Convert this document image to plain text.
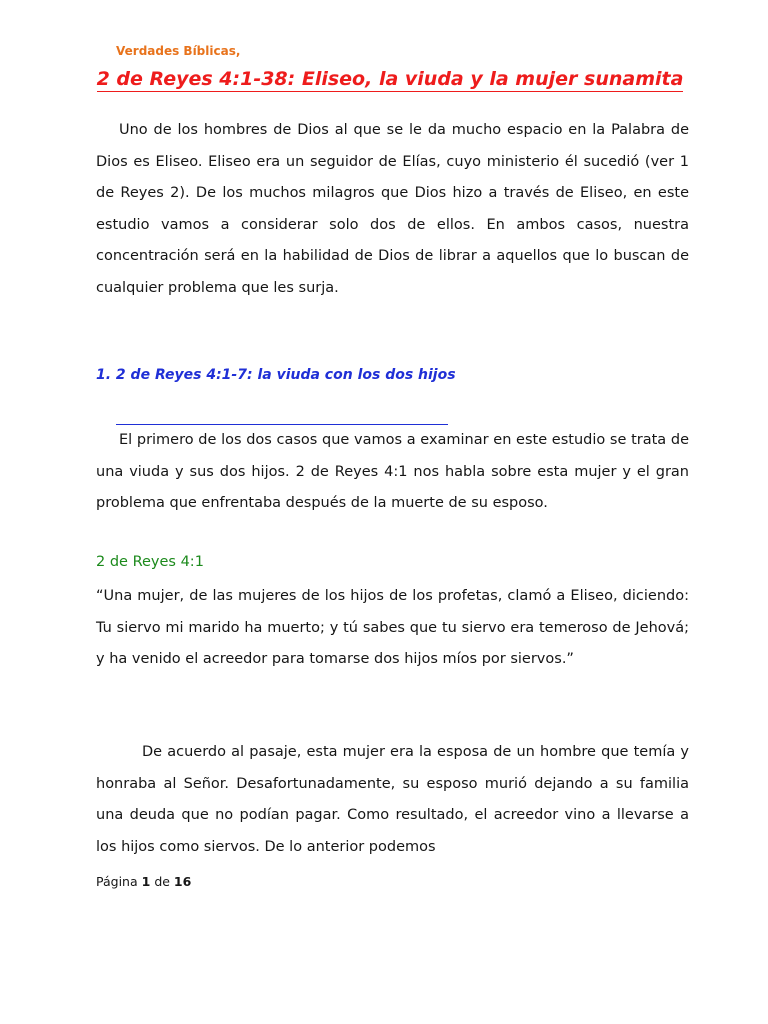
Verdades Bíblicas,
2 de Reyes 4:1-38: Eliseo, la viuda y la mujer sunamita

Uno de los hombres de Dios al que se le da mucho espacio en la Palabra de Dios es Eliseo. Eliseo era un seguidor de Elías, cuyo ministerio él sucedió (ver 1 de Reyes 2). De los muchos milagros que Dios hizo a través de Eliseo, en este estudio vamos a considerar solo dos de ellos. En ambos casos, nuestra concentración será en la habilidad de Dios de librar a aquellos que lo buscan de cualquier problema que les surja.

1. 2 de Reyes 4:1-7: la viuda con los dos hijos

El primero de los dos casos que vamos a examinar en este estudio se trata de una viuda y sus dos hijos. 2 de Reyes 4:1 nos habla sobre esta mujer y el gran problema que enfrentaba después de la muerte de su esposo.

2 de Reyes 4:1

“Una mujer, de las mujeres de los hijos de los profetas, clamó a Eliseo, diciendo: Tu siervo mi marido ha muerto; y tú sabes que tu siervo era temeroso de Jehová; y ha venido el acreedor para tomarse dos hijos míos por siervos.”

De acuerdo al pasaje, esta mujer era la esposa de un hombre que temía y honraba al Señor. Desafortunadamente, su esposo murió dejando a su familia una deuda que no podían pagar. Como resultado, el acreedor vino a llevarse a los hijos como siervos. De lo anterior podemos

Página 1 de 16
